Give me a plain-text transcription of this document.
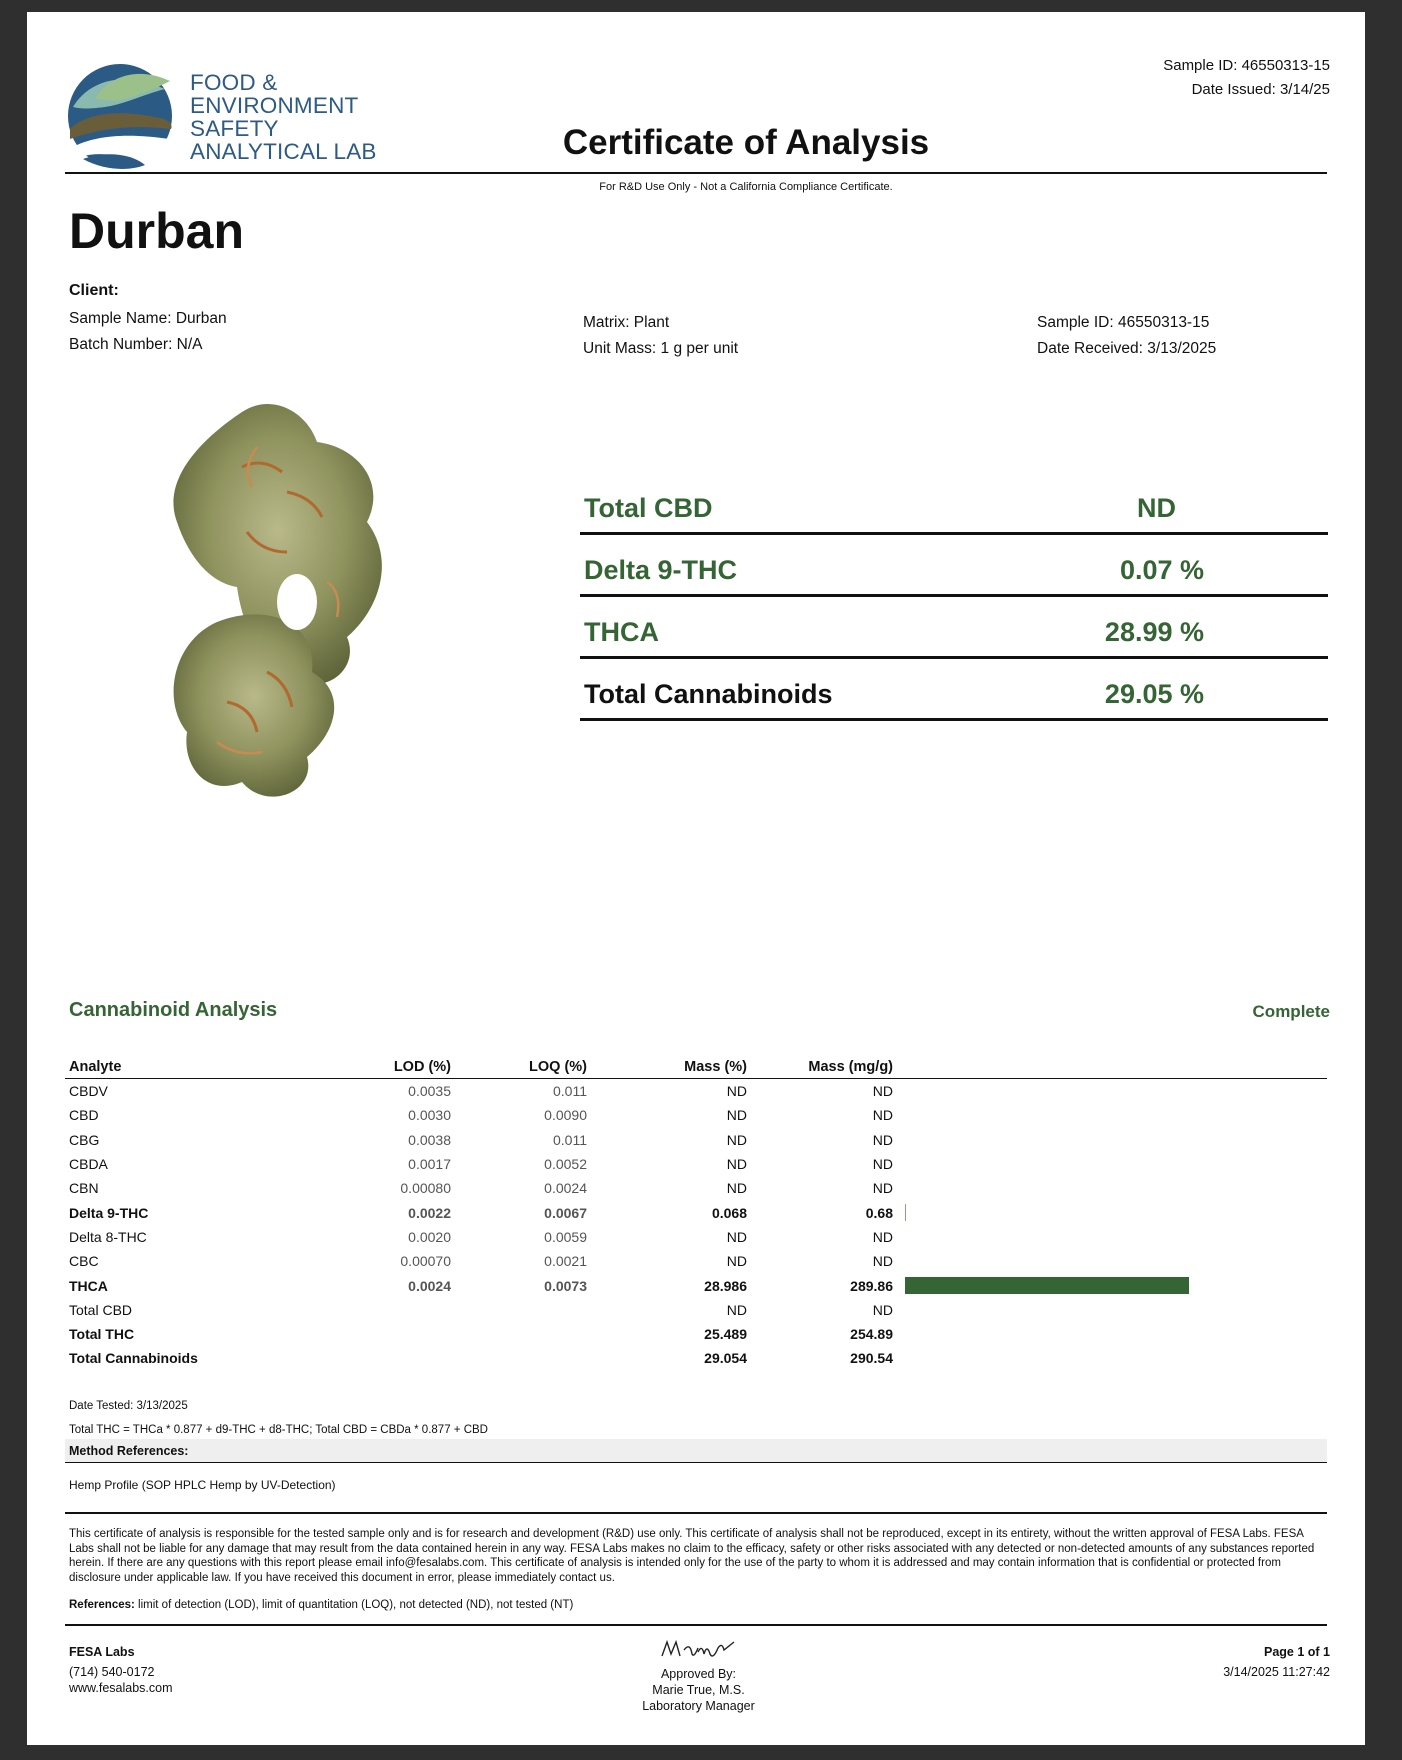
FOOD &
ENVIRONMENT
SAFETY
ANALYTICAL LAB
Sample ID: 46550313-15
Date Issued: 3/14/25
Certificate of Analysis
For R&D Use Only - Not a California Compliance Certificate.
Durban
Client:
Sample Name: Durban
Batch Number: N/A
Matrix: Plant
Unit Mass: 1 g per unit
Sample ID: 46550313-15
Date Received: 3/13/2025
Total CBD	ND
Delta 9-THC	0.07 %
THCA	28.99 %
Total Cannabinoids	29.05 %
Cannabinoid Analysis	Complete
Analyte	LOD (%)	LOQ (%)	Mass (%)	Mass (mg/g)	
CBDV	0.0035	0.011	ND	ND	
CBD	0.0030	0.0090	ND	ND	
CBG	0.0038	0.011	ND	ND	
CBDA	0.0017	0.0052	ND	ND	
CBN	0.00080	0.0024	ND	ND	
Delta 9-THC	0.0022	0.0067	0.068	0.68	

Delta 8-THC	0.0020	0.0059	ND	ND	
CBC	0.00070	0.0021	ND	ND	
THCA	0.0024	0.0073	28.986	289.86	

Total CBD			ND	ND	
Total THC			25.489	254.89	
Total Cannabinoids			29.054	290.54	
Date Tested: 3/13/2025
Total THC = THCa * 0.877 + d9-THC + d8-THC; Total CBD = CBDa * 0.877 + CBD
Method References:
Hemp Profile (SOP HPLC Hemp by UV-Detection)
This certificate of analysis is responsible for the tested sample only and is for research and development (R&D) use only. This certificate of analysis shall not be reproduced, except in its entirety, without the written approval of FESA Labs. FESA Labs shall not be liable for any damage that may result from the data contained herein in any way. FESA Labs makes no claim to the efficacy, safety or other risks associated with any detected or non-detected amounts of any substances reported herein. If there are any questions with this report please email info@fesalabs.com. This certificate of analysis is intended only for the use of the party to whom it is addressed and may contain information that is confidential or protected from disclosure under applicable law. If you have received this document in error, please immediately contact us.
References: limit of detection (LOD), limit of quantitation (LOQ), not detected (ND), not tested (NT)
FESA Labs
(714) 540-0172
www.fesalabs.com
Approved By:
Marie True, M.S.
Laboratory Manager
Page 1 of 1
3/14/2025 11:27:42
